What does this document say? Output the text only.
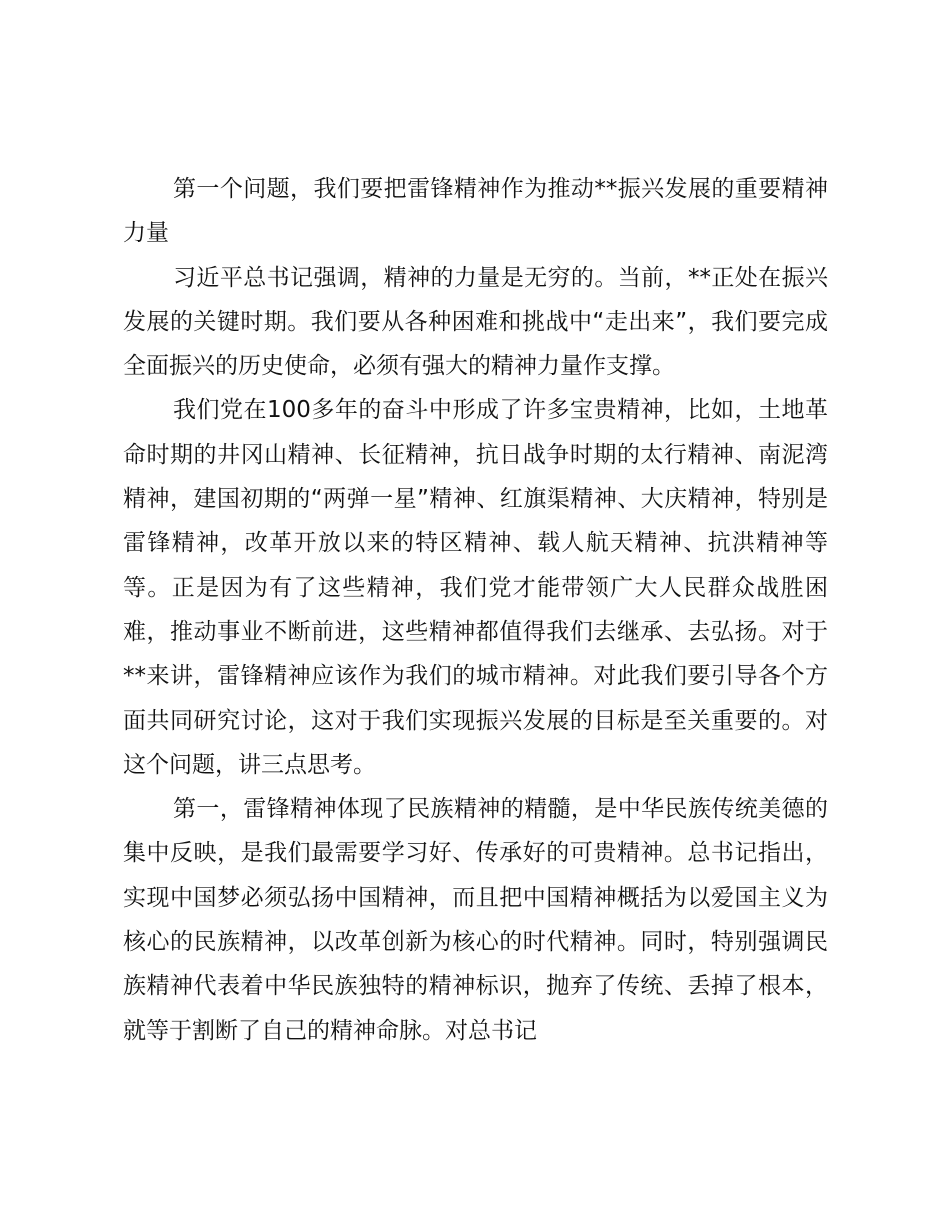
第一个问题，我们要把雷锋精神作为推动**振兴发展的重要精神力量

习近平总书记强调，精神的力量是无穷的。当前，**正处在振兴发展的关键时期。我们要从各种困难和挑战中“走出来”，我们要完成全面振兴的历史使命，必须有强大的精神力量作支撑。

我们党在100多年的奋斗中形成了许多宝贵精神，比如，土地革命时期的井冈山精神、长征精神，抗日战争时期的太行精神、南泥湾精神，建国初期的“两弹一星”精神、红旗渠精神、大庆精神，特别是雷锋精神，改革开放以来的特区精神、载人航天精神、抗洪精神等等。正是因为有了这些精神，我们党才能带领广大人民群众战胜困难，推动事业不断前进，这些精神都值得我们去继承、去弘扬。对于**来讲，雷锋精神应该作为我们的城市精神。对此我们要引导各个方面共同研究讨论，这对于我们实现振兴发展的目标是至关重要的。对这个问题，讲三点思考。

第一，雷锋精神体现了民族精神的精髓，是中华民族传统美德的集中反映，是我们最需要学习好、传承好的可贵精神。总书记指出，实现中国梦必须弘扬中国精神，而且把中国精神概括为以爱国主义为核心的民族精神，以改革创新为核心的时代精神。同时，特别强调民族精神代表着中华民族独特的精神标识，抛弃了传统、丢掉了根本，就等于割断了自己的精神命脉。对总书记
